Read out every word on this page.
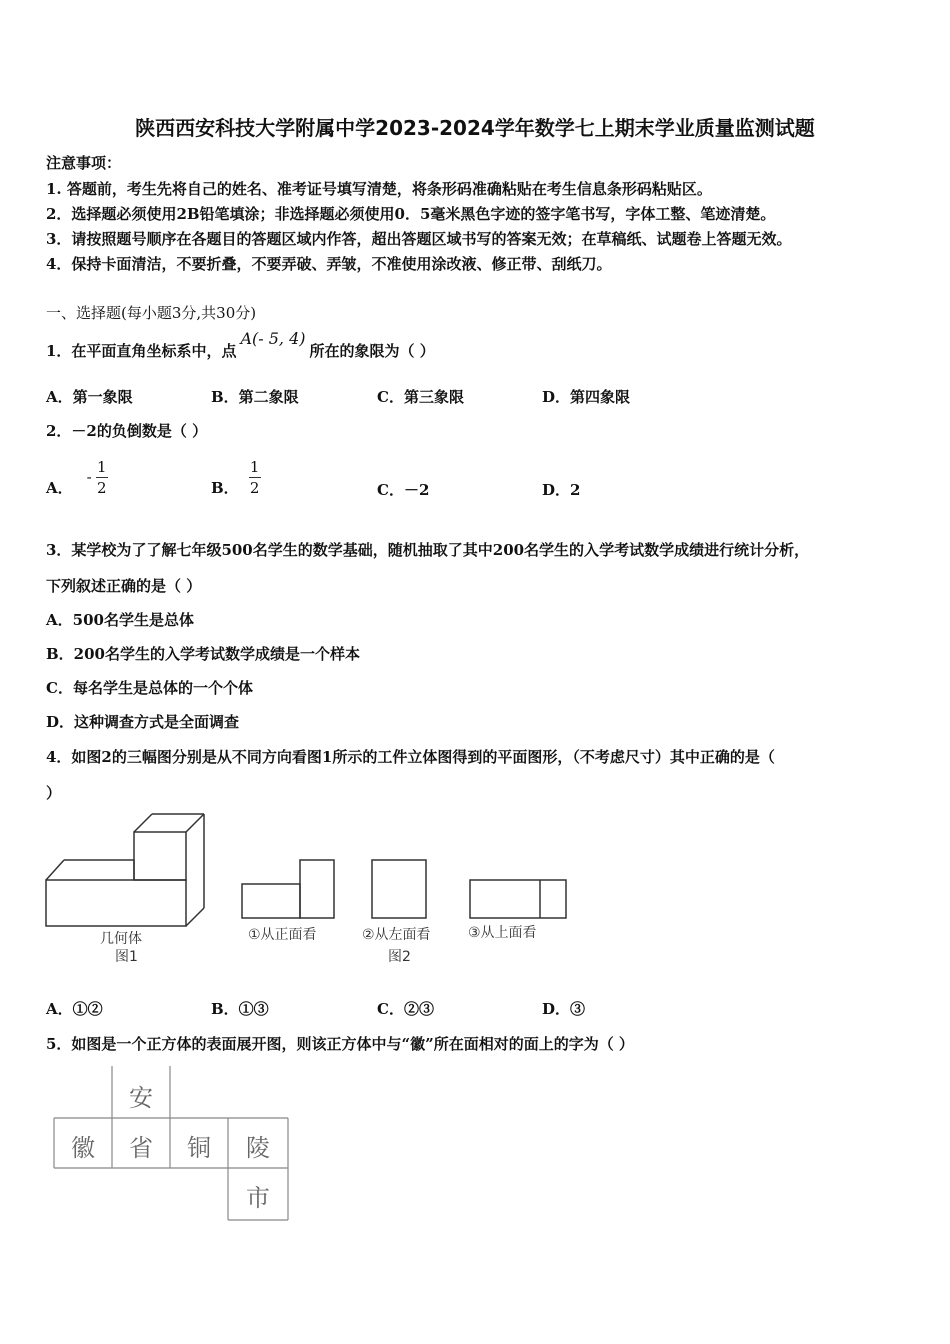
陕西西安科技大学附属中学2023-2024学年数学七上期末学业质量监测试题
注意事项：
1. 答题前，考生先将自己的姓名、准考证号填写清楚，将条形码准确粘贴在考生信息条形码粘贴区。
2．选择题必须使用2B铅笔填涂；非选择题必须使用0．5毫米黑色字迹的签字笔书写，字体工整、笔迹清楚。
3．请按照题号顺序在各题目的答题区域内作答，超出答题区域书写的答案无效；在草稿纸、试题卷上答题无效。
4．保持卡面清洁，不要折叠，不要弄破、弄皱，不准使用涂改液、修正带、刮纸刀。
一、选择题(每小题3分,共30分)
1．在平面直角坐标系中，点A(- 5, 4)所在的象限为（ ）
A．第一象限	B．第二象限	C．第三象限	D．第四象限
2．－2的负倒数是（ ）
A．
- $\frac{1}{2}$	B． $\frac{1}{2}$	C．－2	D．2
3．某学校为了了解七年级500名学生的数学基础，随机抽取了其中200名学生的入学考试数学成绩进行统计分析，
下列叙述正确的是（ ）
A．500名学生是总体
B．200名学生的入学考试数学成绩是一个样本
C．每名学生是总体的一个个体
D．这种调查方式是全面调查
4．如图2的三幅图分别是从不同方向看图1所示的工件立体图得到的平面图形，（不考虑尺寸）其中正确的是（
）
几何体
图1
①从正面看	②从左面看	③从上面看
图2
A．①②	B．①③	C．②③	D．③
5．如图是一个正方体的表面展开图，则该正方体中与“徽”所在面相对的面上的字为（ ）
安
徽	省	铜	陵
市
